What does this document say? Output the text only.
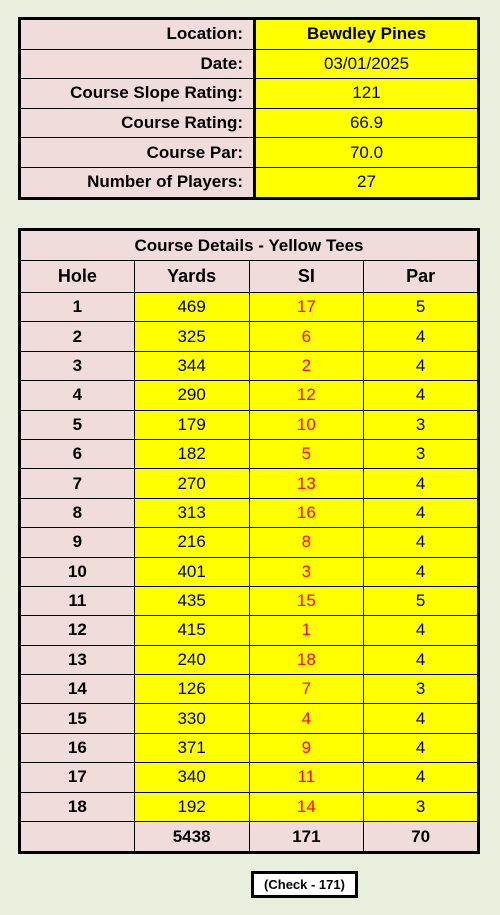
Location:	Bewdley Pines
Date:	03/01/2025
Course Slope Rating:	121
Course Rating:	66.9
Course Par:	70.0
Number of Players:	27
Course Details - Yellow Tees			
Hole	Yards	SI	Par
1	469	17	5
2	325	6	4
3	344	2	4
4	290	12	4
5	179	10	3
6	182	5	3
7	270	13	4
8	313	16	4
9	216	8	4
10	401	3	4
11	435	15	5
12	415	1	4
13	240	18	4
14	126	7	3
15	330	4	4
16	371	9	4
17	340	11	4
18	192	14	3
	5438	171	70
(Check - 171)
